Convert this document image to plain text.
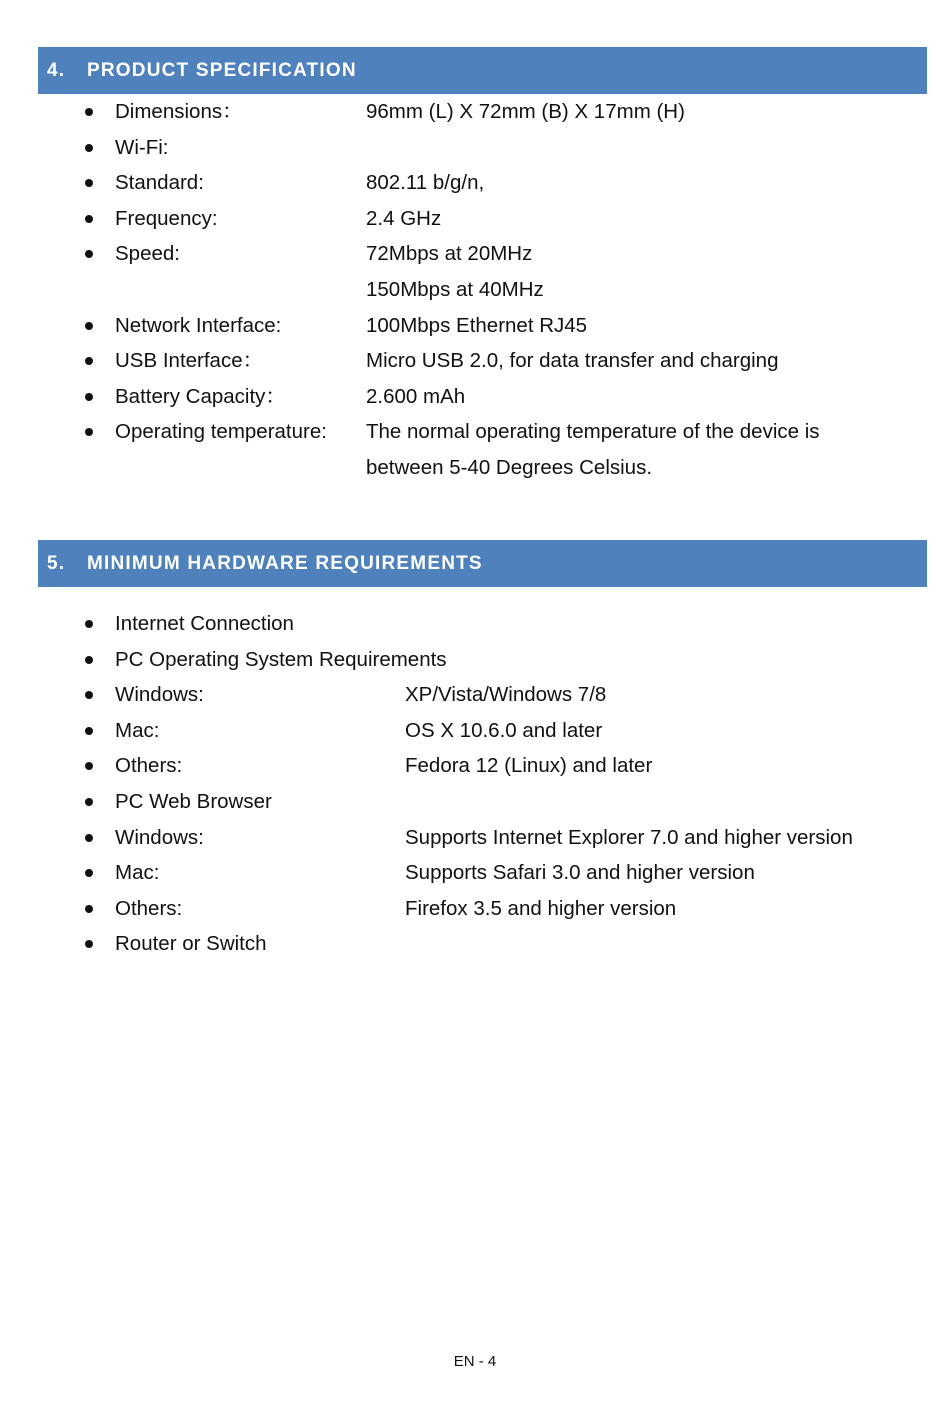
4. PRODUCT SPECIFICATION
Dimensions：	96mm (L) X 72mm (B) X 17mm (H)
Wi-Fi:
Standard:	802.11 b/g/n,
Frequency:	2.4 GHz
Speed:	72Mbps at 20MHz
150Mbps at 40MHz
Network Interface:	100Mbps Ethernet RJ45
USB Interface：	Micro USB 2.0, for data transfer and charging
Battery Capacity：	2.600 mAh
Operating temperature: The normal operating temperature of the device is
between 5-40 Degrees Celsius.
5. MINIMUM HARDWARE REQUIREMENTS
Internet Connection
PC Operating System Requirements
Windows:	XP/Vista/Windows 7/8
Mac:	OS X 10.6.0 and later
Others:	Fedora 12 (Linux) and later
PC Web Browser
Windows:	Supports Internet Explorer 7.0 and higher version
Mac:	Supports Safari 3.0 and higher version
Others:	Firefox 3.5 and higher version
Router or Switch
EN - 4
